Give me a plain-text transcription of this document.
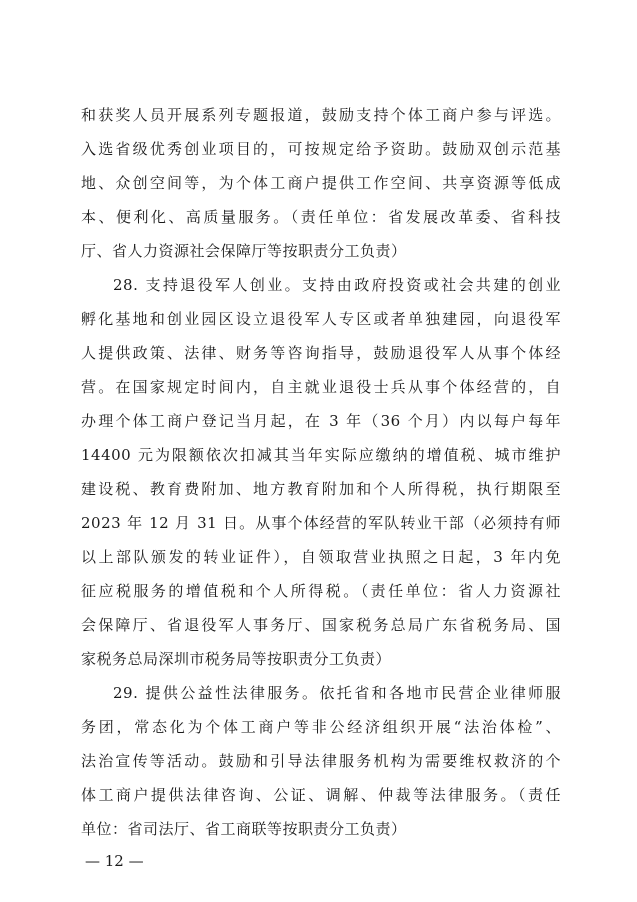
和获奖人员开展系列专题报道，鼓励支持个体工商户参与评选。
入选省级优秀创业项目的，可按规定给予资助。鼓励双创示范基
地、众创空间等，为个体工商户提供工作空间、共享资源等低成
本、便利化、高质量服务。（责任单位：省发展改革委、省科技
厅、省人力资源社会保障厅等按职责分工负责）
28. 支持退役军人创业。支持由政府投资或社会共建的创业
孵化基地和创业园区设立退役军人专区或者单独建园，向退役军
人提供政策、法律、财务等咨询指导，鼓励退役军人从事个体经
营。在国家规定时间内，自主就业退役士兵从事个体经营的，自
办理个体工商户登记当月起，在 3 年（36 个月）内以每户每年
14400 元为限额依次扣减其当年实际应缴纳的增值税、城市维护
建设税、教育费附加、地方教育附加和个人所得税，执行期限至
2023 年 12 月 31 日。从事个体经营的军队转业干部（必须持有师
以上部队颁发的转业证件），自领取营业执照之日起，3 年内免
征应税服务的增值税和个人所得税。（责任单位：省人力资源社
会保障厅、省退役军人事务厅、国家税务总局广东省税务局、国
家税务总局深圳市税务局等按职责分工负责）
29. 提供公益性法律服务。依托省和各地市民营企业律师服
务团，常态化为个体工商户等非公经济组织开展“法治体检”、
法治宣传等活动。鼓励和引导法律服务机构为需要维权救济的个
体工商户提供法律咨询、公证、调解、仲裁等法律服务。（责任
单位：省司法厅、省工商联等按职责分工负责）
— 12 —
